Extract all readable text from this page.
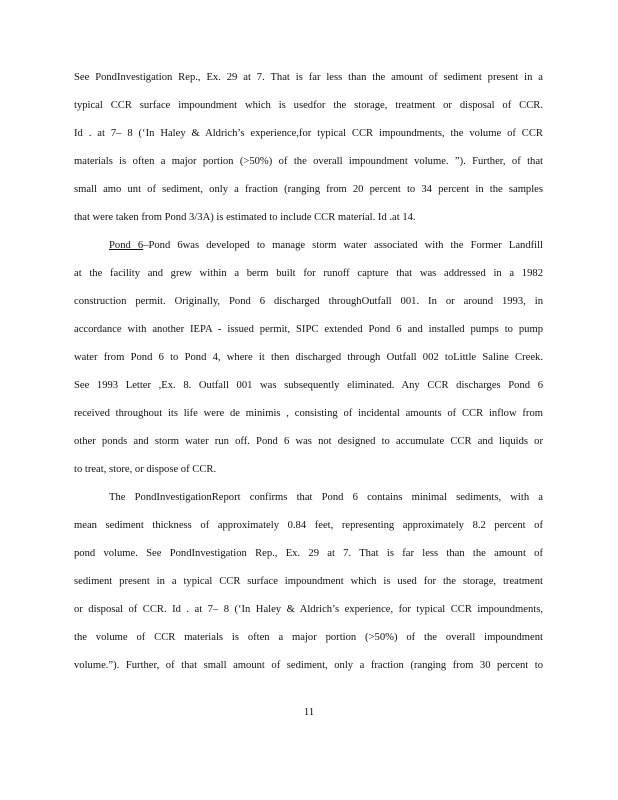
See PondInvestigation Rep., Ex. 29 at 7. That is far less than the amount of sediment present in a
typical CCR surface impoundment which is usedfor the storage, treatment or disposal of CCR.
Id . at 7– 8 (‘In Haley & Aldrich’s experience,for typical CCR impoundments, the volume of CCR
materials is often a major portion (>50%) of the overall impoundment volume. ”). Further, of that
small amo unt of sediment, only a fraction (ranging from 20 percent to 34 percent in the samples
that were taken from Pond 3/3A) is estimated to include CCR material. Id .at 14.
Pond 6–Pond 6was developed to manage storm water associated with the Former Landfill
at the facility and grew within a berm built for runoff capture that was addressed in a 1982
construction permit. Originally, Pond 6 discharged throughOutfall 001. In or around 1993, in
accordance with another IEPA - issued permit, SIPC extended Pond 6 and installed pumps to pump
water from Pond 6 to Pond 4, where it then discharged through Outfall 002 toLittle Saline Creek.
See 1993 Letter ,Ex. 8. Outfall 001 was subsequently eliminated. Any CCR discharges Pond 6
received throughout its life were de minimis , consisting of incidental amounts of CCR inflow from
other ponds and storm water run off. Pond 6 was not designed to accumulate CCR and liquids or
to treat, store, or dispose of CCR.
The PondInvestigationReport confirms that Pond 6 contains minimal sediments, with a
mean sediment thickness of approximately 0.84 feet, representing approximately 8.2 percent of
pond volume. See PondInvestigation Rep., Ex. 29 at 7. That is far less than the amount of
sediment present in a typical CCR surface impoundment which is used for the storage, treatment
or disposal of CCR. Id . at 7– 8 (‘In Haley & Aldrich’s experience, for typical CCR impoundments,
the volume of CCR materials is often a major portion (>50%) of the overall impoundment
volume.”). Further, of that small amount of sediment, only a fraction (ranging from 30 percent to
11
